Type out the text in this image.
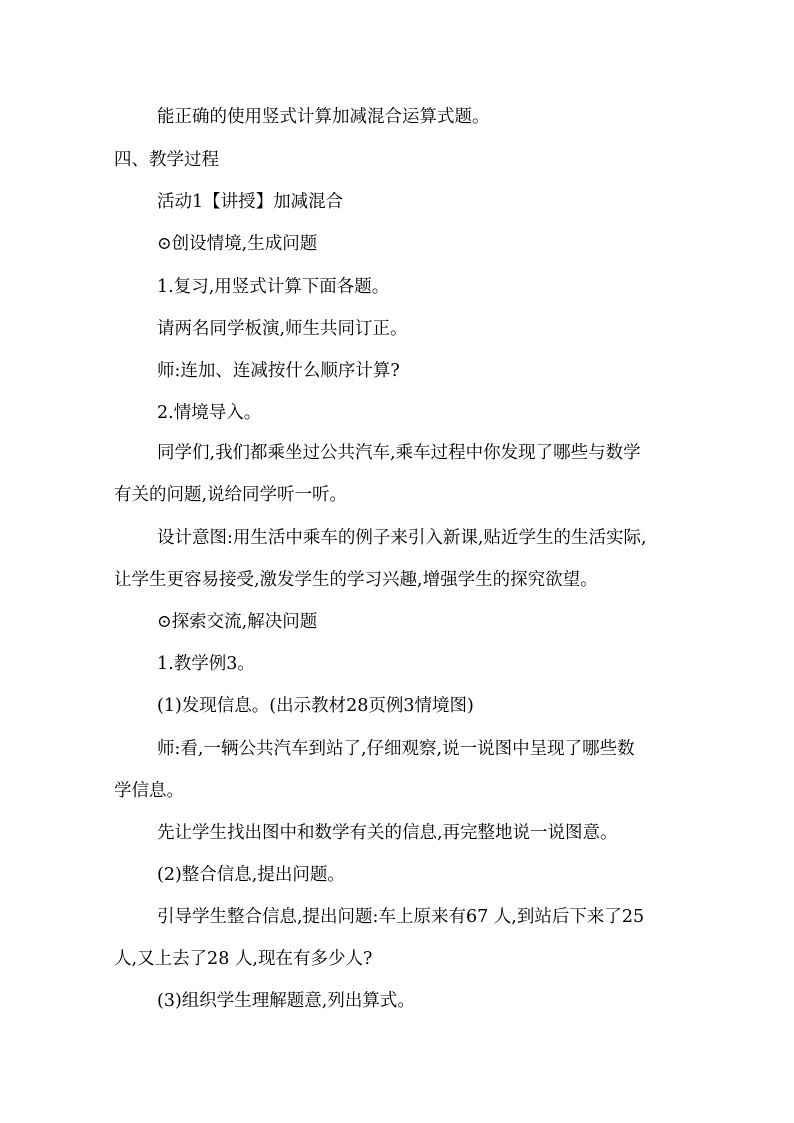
能正确的使用竖式计算加减混合运算式题。
四、教学过程
活动1【讲授】加减混合
⊙创设情境,生成问题
1.复习,用竖式计算下面各题。
请两名同学板演,师生共同订正。
师:连加、连减按什么顺序计算?
2.情境导入。
同学们,我们都乘坐过公共汽车,乘车过程中你发现了哪些与数学
有关的问题,说给同学听一听。
设计意图:用生活中乘车的例子来引入新课,贴近学生的生活实际,
让学生更容易接受,激发学生的学习兴趣,增强学生的探究欲望。
⊙探索交流,解决问题
1.教学例3。
(1)发现信息。(出示教材28页例3情境图)
师:看,一辆公共汽车到站了,仔细观察,说一说图中呈现了哪些数
学信息。
先让学生找出图中和数学有关的信息,再完整地说一说图意。
(2)整合信息,提出问题。
引导学生整合信息,提出问题:车上原来有67 人,到站后下来了25
人,又上去了28 人,现在有多少人?
(3)组织学生理解题意,列出算式。
